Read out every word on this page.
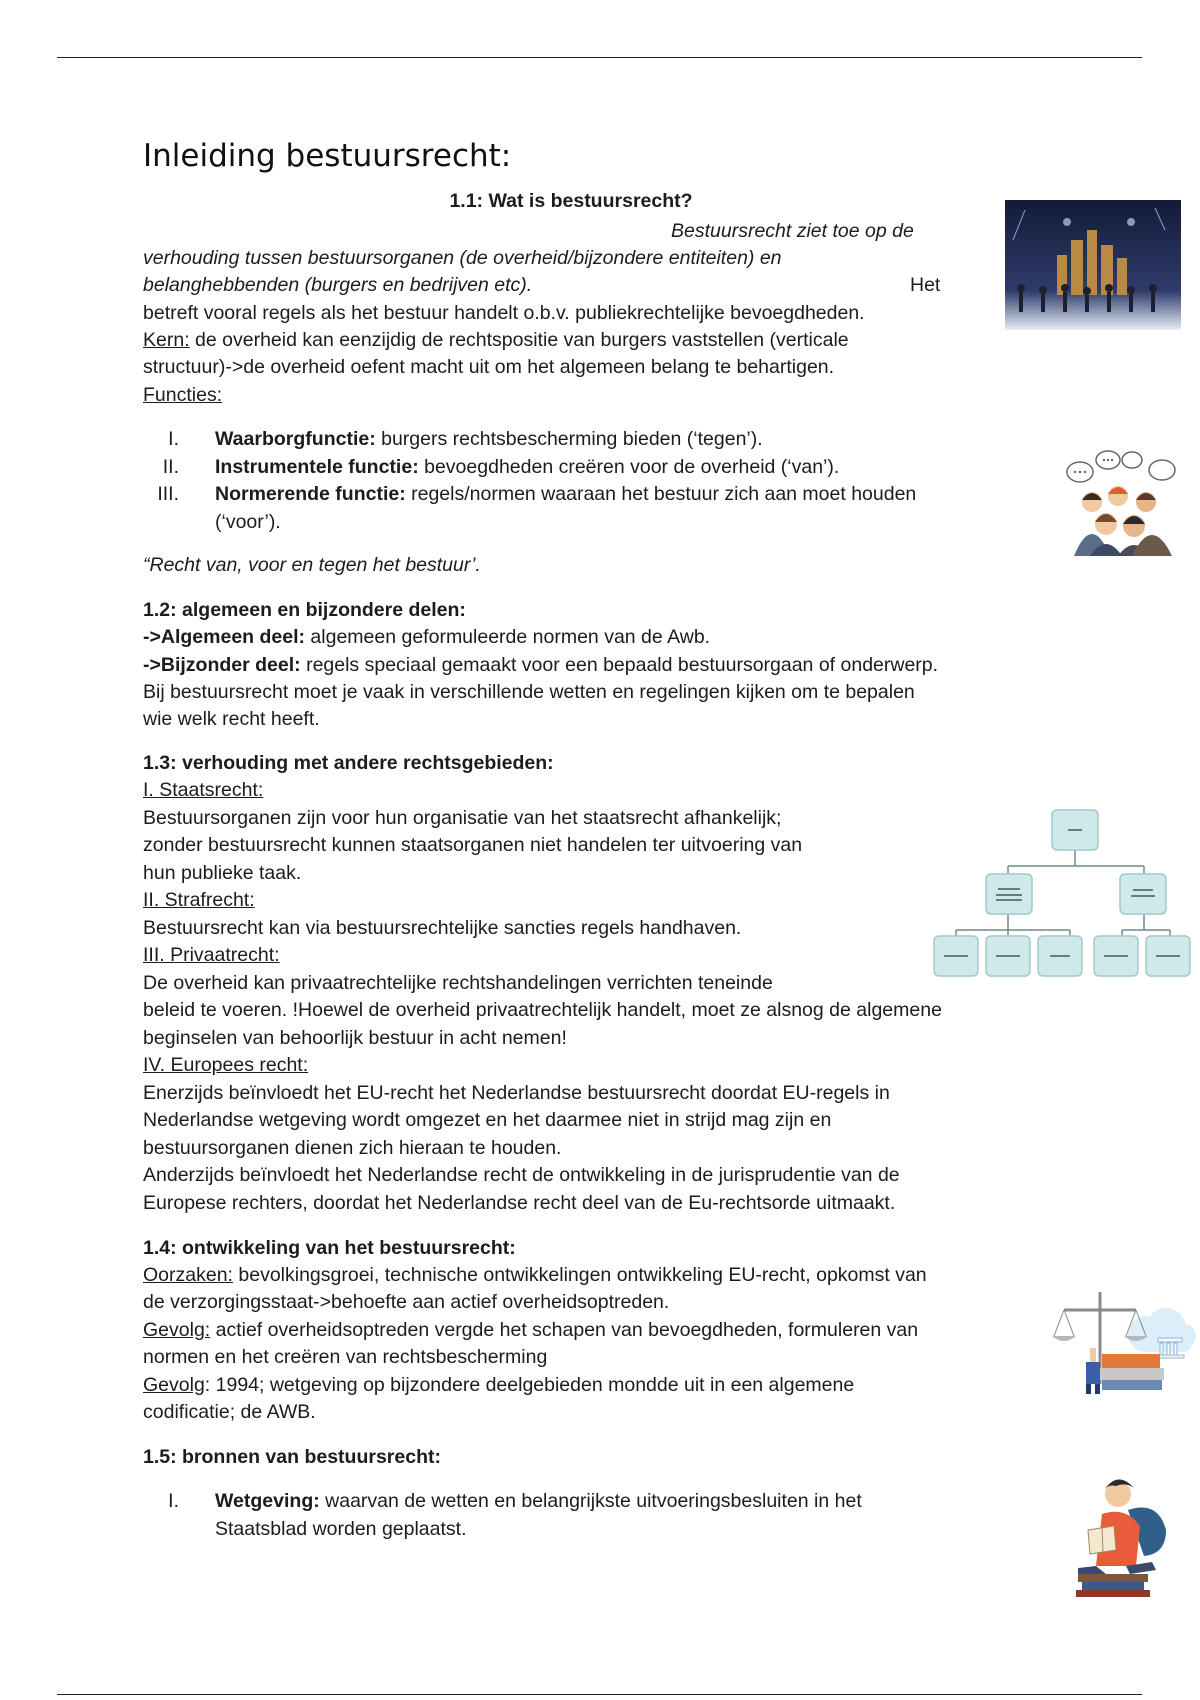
Inleiding bestuursrecht:

1.1: Wat is bestuursrecht?

Bestuursrecht ziet toe op de

verhouding tussen bestuursorganen (de overheid/bijzondere entiteiten) en

belanghebbenden (burgers en bedrijven etc).	Het

betreft vooral regels als het bestuur handelt o.b.v. publiekrechtelijke bevoegdheden.

Kern: de overheid kan eenzijdig de rechtspositie van burgers vaststellen (verticale

structuur)->de overheid oefent macht uit om het algemeen belang te behartigen.

Functies:

I. Waarborgfunctie: burgers rechtsbescherming bieden (‘tegen’).
II. Instrumentele functie: bevoegdheden creëren voor de overheid (‘van’).
III. Normerende functie: regels/normen waaraan het bestuur zich aan moet houden
(‘voor’).

“Recht van, voor en tegen het bestuur’.

1.2: algemeen en bijzondere delen:

->Algemeen deel: algemeen geformuleerde normen van de Awb.

->Bijzonder deel: regels speciaal gemaakt voor een bepaald bestuursorgaan of onderwerp.

Bij bestuursrecht moet je vaak in verschillende wetten en regelingen kijken om te bepalen

wie welk recht heeft.

1.3: verhouding met andere rechtsgebieden:

I. Staatsrecht:

Bestuursorganen zijn voor hun organisatie van het staatsrecht afhankelijk;

zonder bestuursrecht kunnen staatsorganen niet handelen ter uitvoering van

hun publieke taak.

II. Strafrecht:

Bestuursrecht kan via bestuursrechtelijke sancties regels handhaven.

III. Privaatrecht:

De overheid kan privaatrechtelijke rechtshandelingen verrichten teneinde

beleid te voeren. !Hoewel de overheid privaatrechtelijk handelt, moet ze alsnog de algemene

beginselen van behoorlijk bestuur in acht nemen!

IV. Europees recht:

Enerzijds beïnvloedt het EU-recht het Nederlandse bestuursrecht doordat EU-regels in

Nederlandse wetgeving wordt omgezet en het daarmee niet in strijd mag zijn en

bestuursorganen dienen zich hieraan te houden.

Anderzijds beïnvloedt het Nederlandse recht de ontwikkeling in de jurisprudentie van de

Europese rechters, doordat het Nederlandse recht deel van de Eu-rechtsorde uitmaakt.

1.4: ontwikkeling van het bestuursrecht:

Oorzaken: bevolkingsgroei, technische ontwikkelingen ontwikkeling EU-recht, opkomst van

de verzorgingsstaat->behoefte aan actief overheidsoptreden.

Gevolg: actief overheidsoptreden vergde het schapen van bevoegdheden, formuleren van

normen en het creëren van rechtsbescherming

Gevolg: 1994; wetgeving op bijzondere deelgebieden mondde uit in een algemene

codificatie; de AWB.

1.5: bronnen van bestuursrecht:

I. Wetgeving: waarvan de wetten en belangrijkste uitvoeringsbesluiten in het
Staatsblad worden geplaatst.
